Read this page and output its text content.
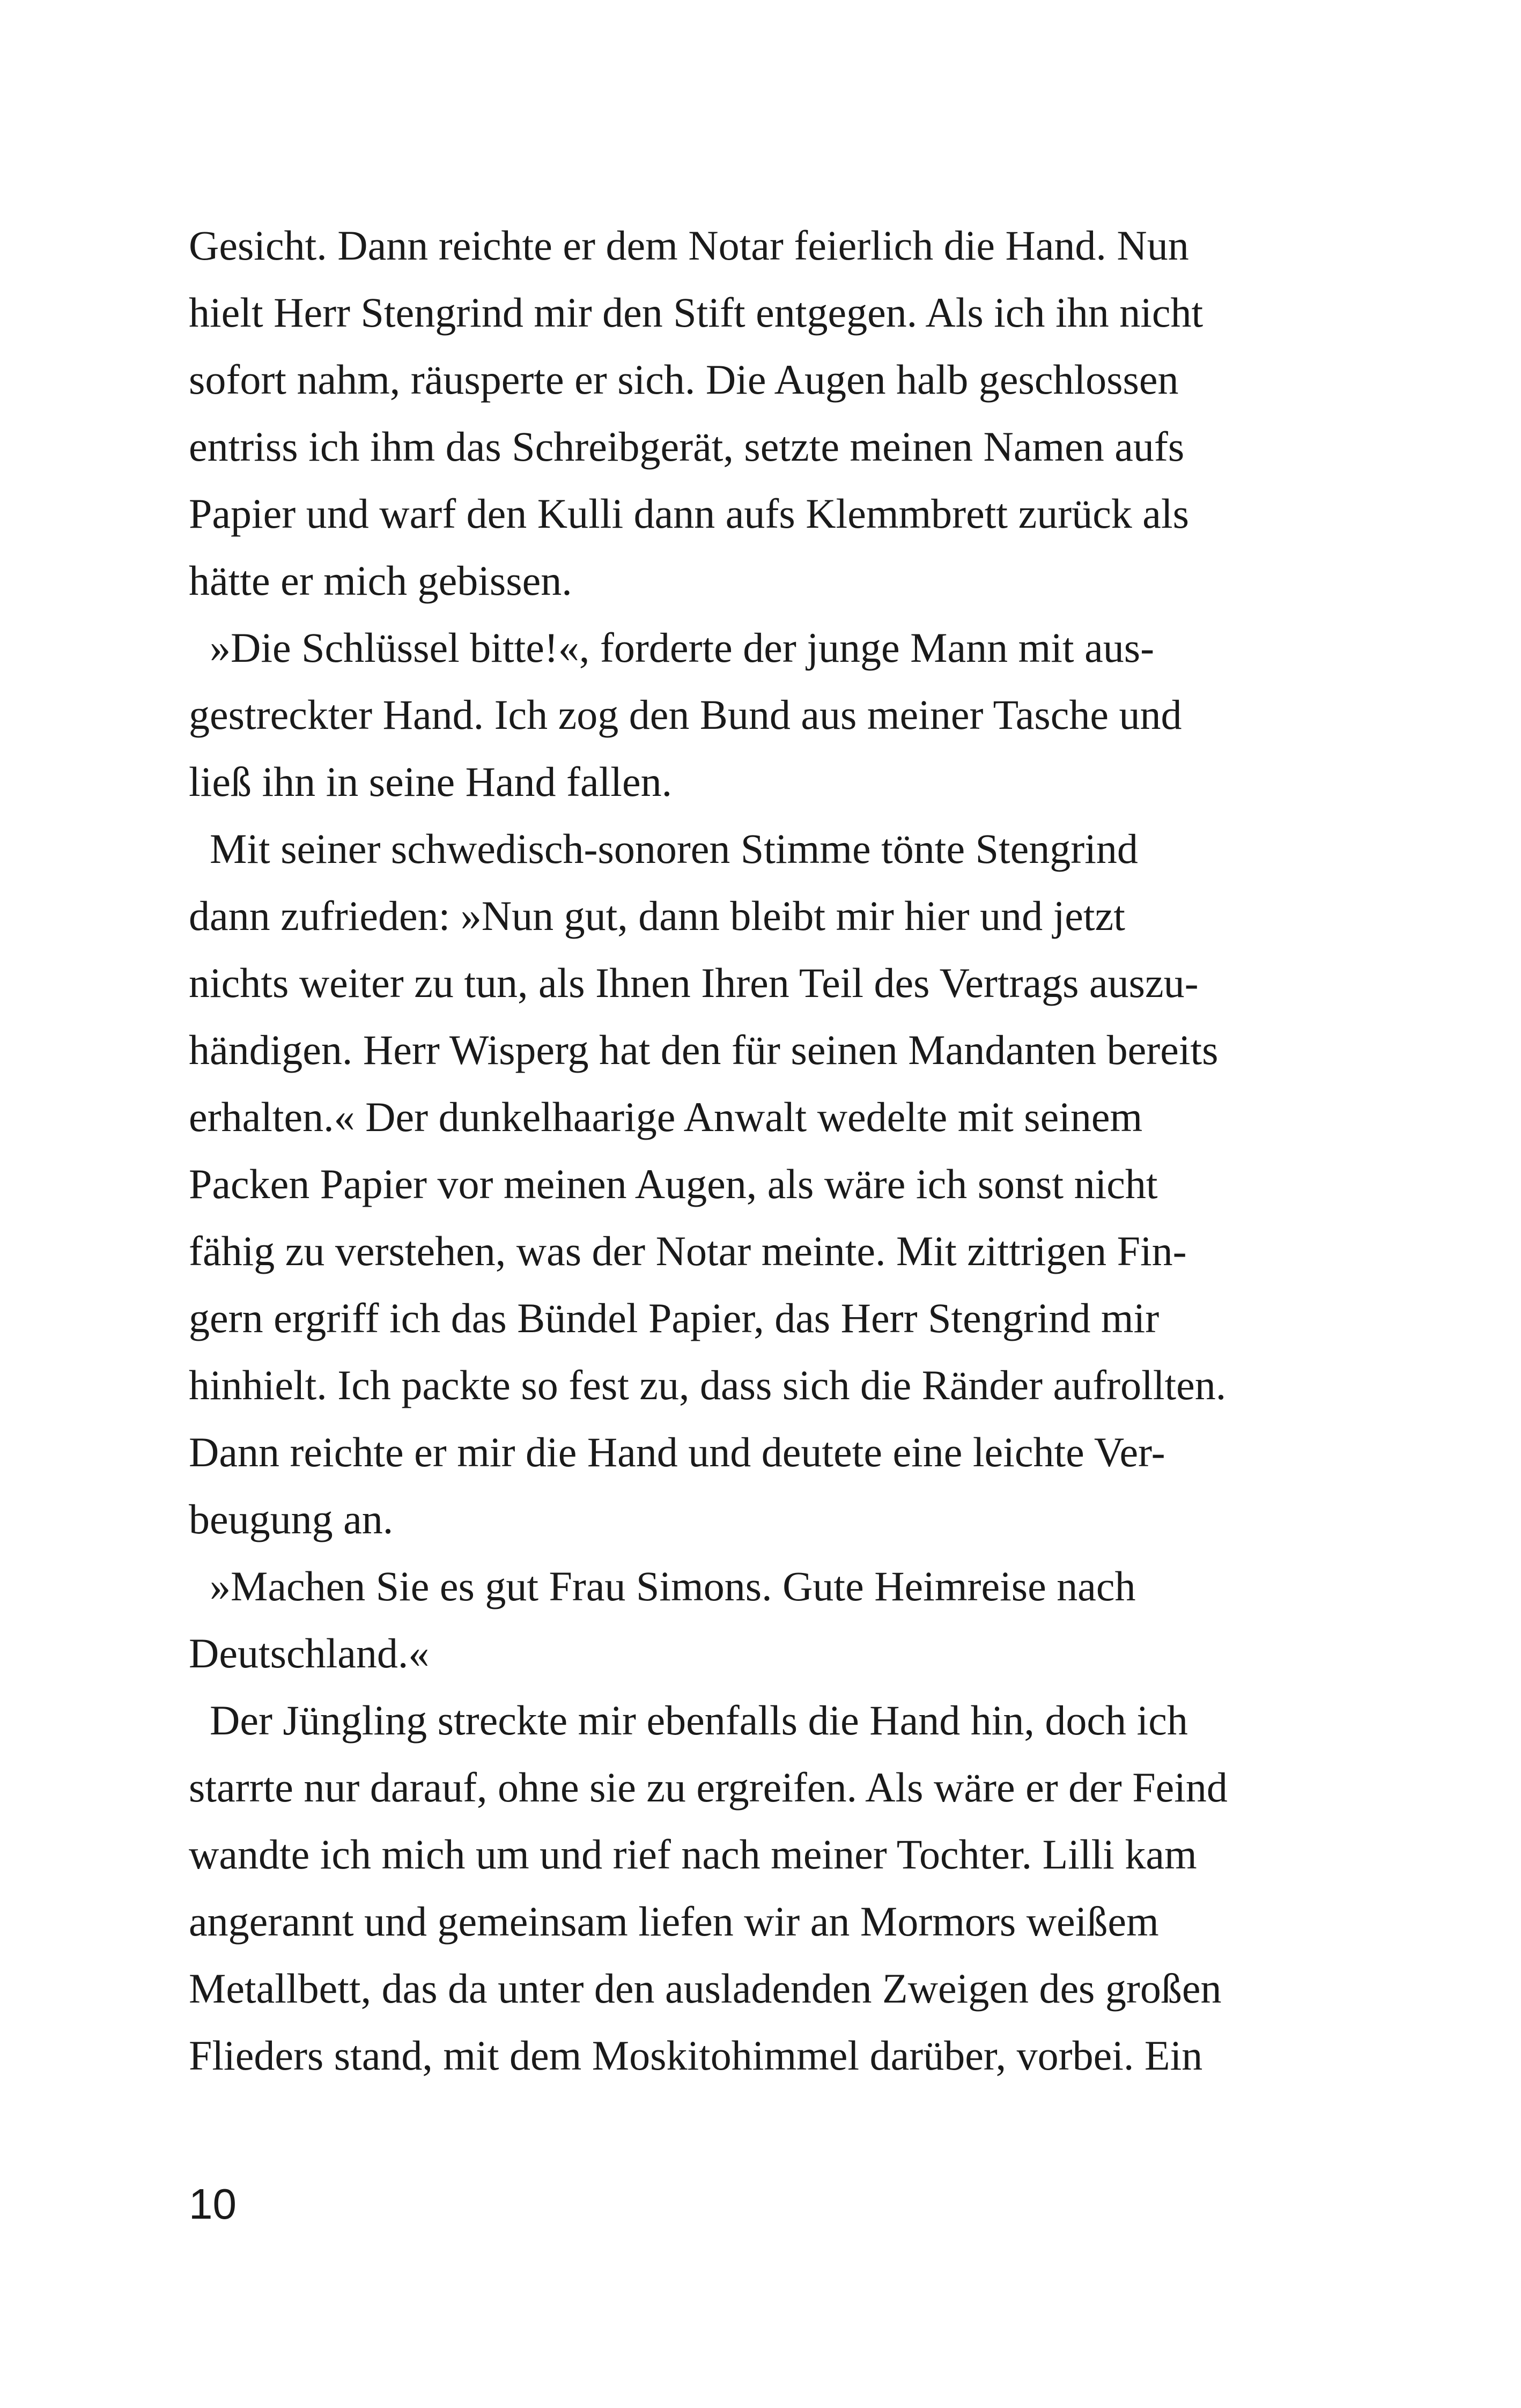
Gesicht. Dann reichte er dem Notar feierlich die Hand. Nun
hielt Herr Stengrind mir den Stift entgegen. Als ich ihn nicht
sofort nahm, räusperte er sich. Die Augen halb geschlossen
entriss ich ihm das Schreibgerät, setzte meinen Namen aufs
Papier und warf den Kulli dann aufs Klemmbrett zurück als
hätte er mich gebissen.
»Die Schlüssel bitte!«, forderte der junge Mann mit aus-
gestreckter Hand. Ich zog den Bund aus meiner Tasche und
ließ ihn in seine Hand fallen.
Mit seiner schwedisch-sonoren Stimme tönte Stengrind
dann zufrieden: »Nun gut, dann bleibt mir hier und jetzt
nichts weiter zu tun, als Ihnen Ihren Teil des Vertrags auszu-
händigen. Herr Wisperg hat den für seinen Mandanten bereits
erhalten.« Der dunkelhaarige Anwalt wedelte mit seinem
Packen Papier vor meinen Augen, als wäre ich sonst nicht
fähig zu verstehen, was der Notar meinte. Mit zittrigen Fin-
gern ergriff ich das Bündel Papier, das Herr Stengrind mir
hinhielt. Ich packte so fest zu, dass sich die Ränder aufrollten.
Dann reichte er mir die Hand und deutete eine leichte Ver-
beugung an.
»Machen Sie es gut Frau Simons. Gute Heimreise nach
Deutschland.«
Der Jüngling streckte mir ebenfalls die Hand hin, doch ich
starrte nur darauf, ohne sie zu ergreifen. Als wäre er der Feind
wandte ich mich um und rief nach meiner Tochter. Lilli kam
angerannt und gemeinsam liefen wir an Mormors weißem
Metallbett, das da unter den ausladenden Zweigen des großen
Flieders stand, mit dem Moskitohimmel darüber, vorbei. Ein
10
